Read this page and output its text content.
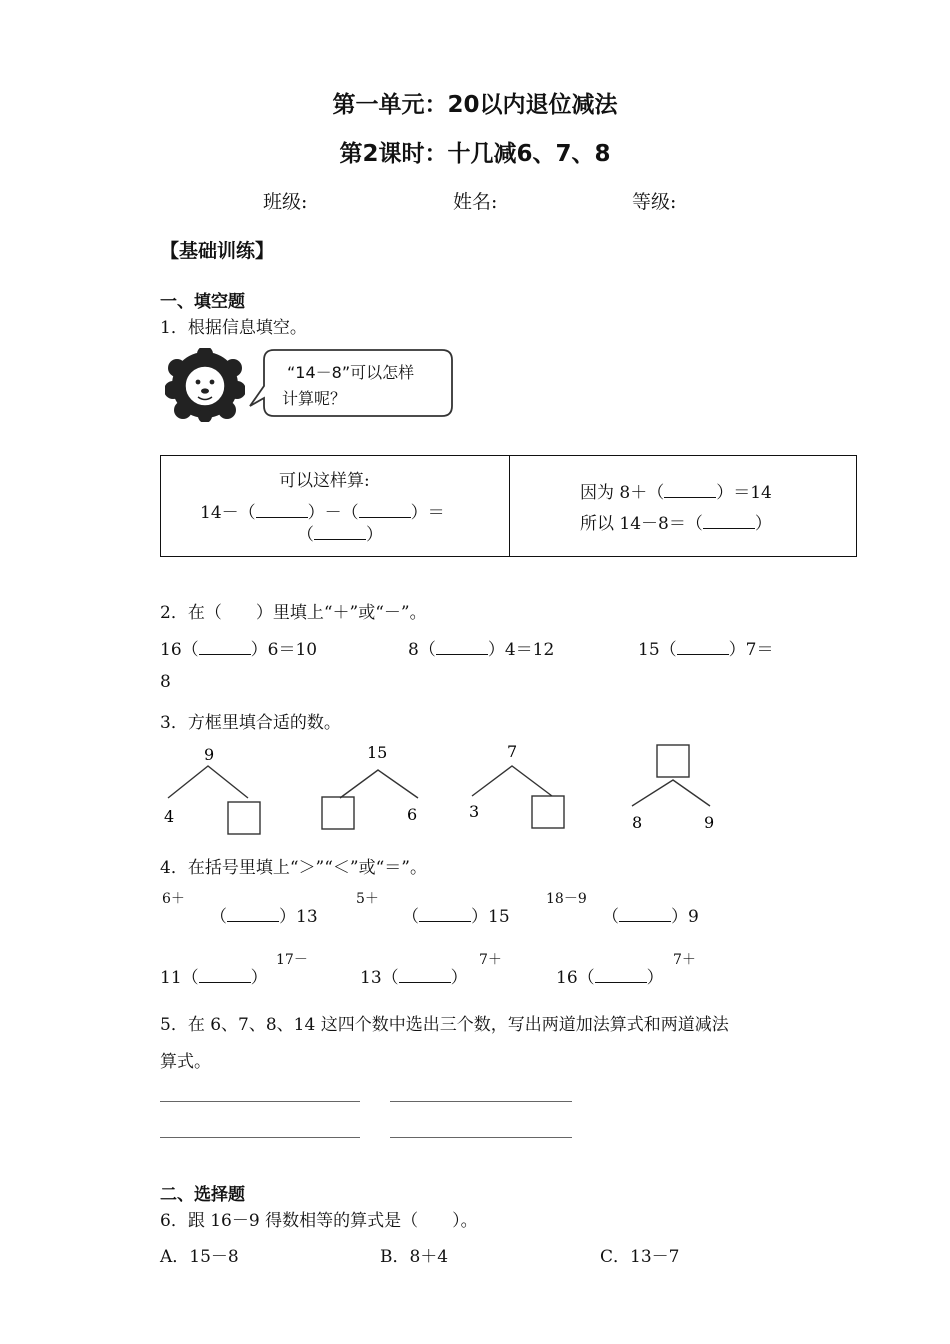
第一单元：20以内退位减法
第2课时：十几减6、7、8
班级:	姓名:	等级:
【基础训练】
一、填空题
1．根据信息填空。
“14－8”可以怎样
计算呢？
可以这样算:
14－（	）－（	）＝
（	）
因为 8＋（	）＝14
所以 14－8＝（	）
2．在（　　）里填上“＋”或“－”。
16（	）6＝10	8（	）4＝12	15（	）7＝
8
3．方框里填合适的数。
9
4
15
6
7
3
8	9
4．在括号里填上“＞”“＜”或“＝”。
6＋
（	）13
5＋
（	）15
18－9
（	）9
11（	）
17－
13（	）
7＋
16（	）
7＋
5．在 6、7、8、14 这四个数中选出三个数，写出两道加法算式和两道减法
算式。
二、选择题
6．跟 16－9 得数相等的算式是（　　）。
A．15－8	B．8＋4	C．13－7
